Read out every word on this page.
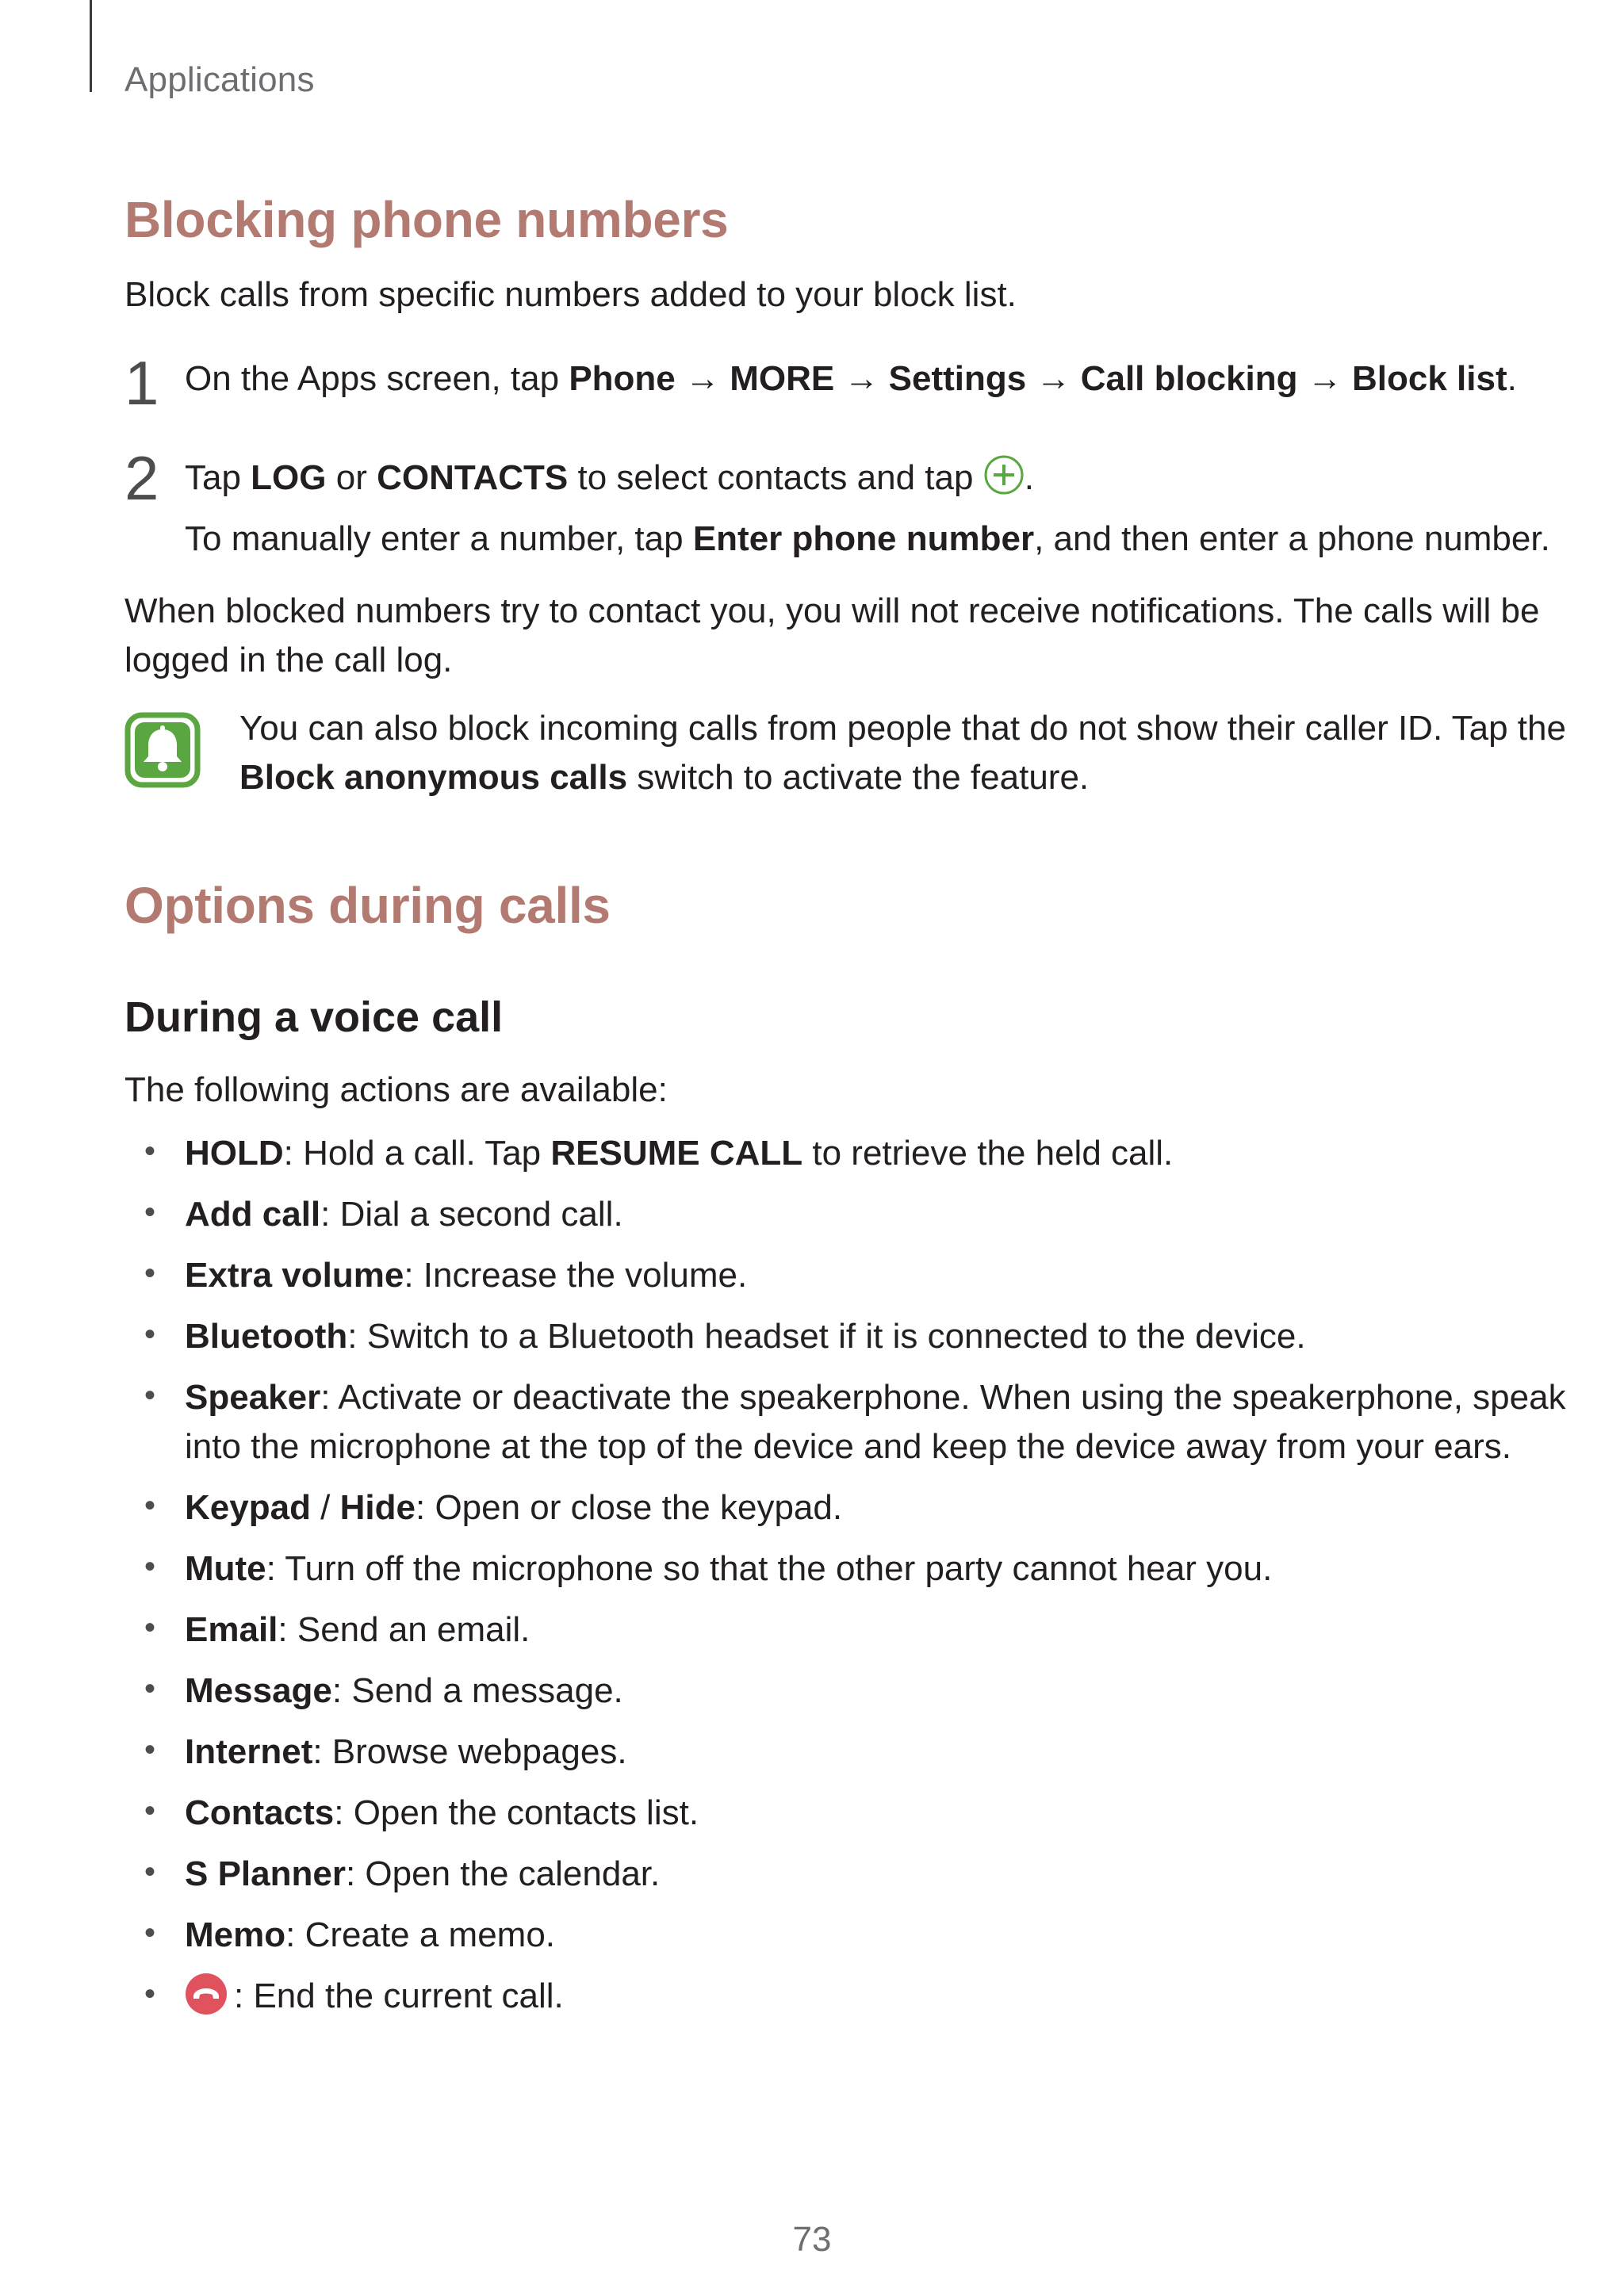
Applications
Blocking phone numbers
Block calls from specific numbers added to your block list.
1 On the Apps screen, tap Phone → MORE → Settings → Call blocking → Block list.
2 Tap LOG or CONTACTS to select contacts and tap .
To manually enter a number, tap Enter phone number, and then enter a phone number.
When blocked numbers try to contact you, you will not receive notifications. The calls will be
logged in the call log.
You can also block incoming calls from people that do not show their caller ID. Tap the
Block anonymous calls switch to activate the feature.
Options during calls
During a voice call
The following actions are available:
• HOLD: Hold a call. Tap RESUME CALL to retrieve the held call.
• Add call: Dial a second call.
• Extra volume: Increase the volume.
• Bluetooth: Switch to a Bluetooth headset if it is connected to the device.
• Speaker: Activate or deactivate the speakerphone. When using the speakerphone, speak
into the microphone at the top of the device and keep the device away from your ears.
• Keypad / Hide: Open or close the keypad.
• Mute: Turn off the microphone so that the other party cannot hear you.
• Email: Send an email.
• Message: Send a message.
• Internet: Browse webpages.
• Contacts: Open the contacts list.
• S Planner: Open the calendar.
• Memo: Create a memo.
•	: End the current call.
73
